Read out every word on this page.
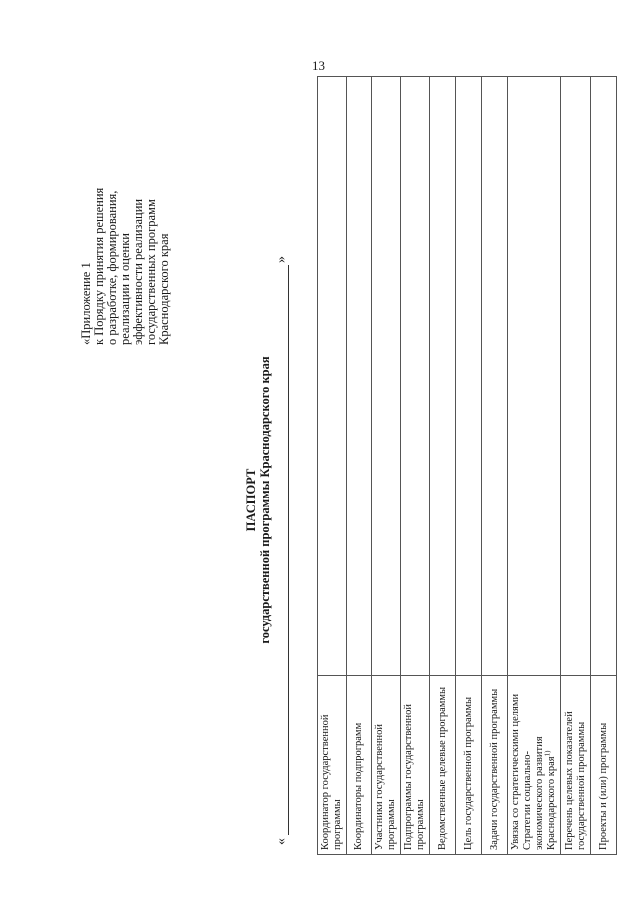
13
«Приложение 1 к Порядку принятия решения о разработке, формирования, реализации и оценки эффективности реализации государственных программ Краснодарского края
ПАСПОРТ государственной программы Краснодарского края
«
»
Координатор государственной программы	
Координаторы подпрограмм	
Участники государственной программы	
Подпрограммы государственной программы	
Ведомственные целевые программы	
Цель государственной программы	
Задачи государственной программы	
Увязка со стратегическими целями Стратегии социально-экономического развития Краснодарского края$^{1)}$	
Перечень целевых показателей государственной программы	
Проекты и (или) программы	
